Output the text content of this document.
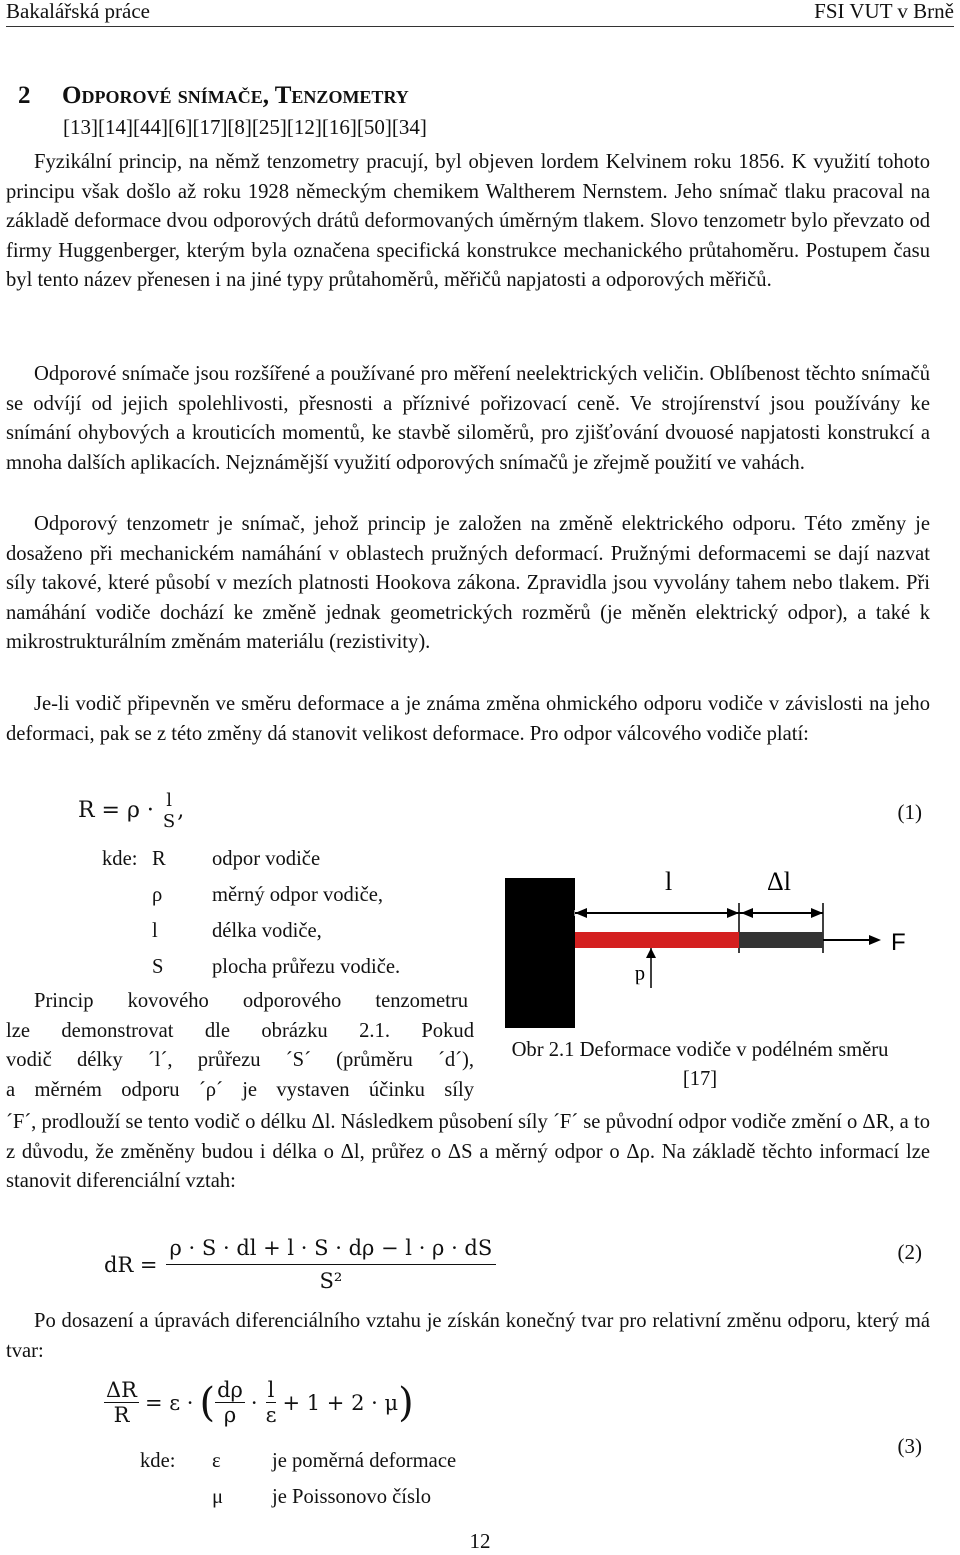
Bakalářská práce	FSI VUT v Brně
2 Odporové snímače, Tenzometry
[13][14][44][6][17][8][25][12][16][50][34]

Fyzikální princip, na němž tenzometry pracují, byl objeven lordem Kelvinem roku 1856. K využití tohoto principu však došlo až roku 1928 německým chemikem Waltherem Nernstem. Jeho snímač tlaku pracoval na základě deformace dvou odporových drátů deformovaných úměrným tlakem. Slovo tenzometr bylo převzato od firmy Huggenberger, kterým byla označena specifická konstrukce mechanického průtahoměru. Postupem času byl tento název přenesen i na jiné typy průtahoměrů, měřičů napjatosti a odporových měřičů.

Odporové snímače jsou rozšířené a používané pro měření neelektrických veličin. Oblíbenost těchto snímačů se odvíjí od jejich spolehlivosti, přesnosti a příznivé pořizovací ceně. Ve strojírenství jsou používány ke snímání ohybových a krouticích momentů, ke stavbě siloměrů, pro zjišťování dvouosé napjatosti konstrukcí a mnoha dalších aplikacích. Nejznámější využití odporových snímačů je zřejmě použití ve vahách.

Odporový tenzometr je snímač, jehož princip je založen na změně elektrického odporu. Této změny je dosaženo při mechanickém namáhání v oblastech pružných deformací. Pružnými deformacemi se dají nazvat síly takové, které působí v mezích platnosti Hookova zákona. Zpravidla jsou vyvolány tahem nebo tlakem. Při namáhání vodiče dochází ke změně jednak geometrických rozměrů (je měněn elektrický odpor), a také k mikrostrukturálním změnám materiálu (rezistivity).

Je-li vodič připevněn ve směru deformace a je známa změna ohmického odporu vodiče v závislosti na jeho deformaci, pak se z této změny dá stanovit velikost deformace. Pro odpor válcového vodiče platí:

R = ρ · l
S ,	(1)
kde: R odpor vodiče
ρ měrný odpor vodiče,
l	délka vodiče,
S plocha průřezu vodiče.
l	Δl
F
d
Obr 2.1 Deformace vodiče v podélném směru [17]
Princip kovového odporového tenzometru
lze demonstrovat dle obrázku 2.1. Pokud
vodič délky ´l´, průřezu ´S´ (průměru ´d´),
a měrném odporu ´ρ´ je vystaven účinku síly

´F´, prodlouží se tento vodič o délku Δl. Následkem působení síly ´F´ se původní odpor vodiče změní o ΔR, a to z důvodu, že změněny budou i délka o Δl, průřez o ΔS a měrný odpor o Δρ. Na základě těchto informací lze stanovit diferenciální vztah:

dR = $\frac{\rho \cdot S \cdot dl + l \cdot S \cdot d\rho - l \cdot \rho \cdot dS}{\text{S²}}$	(2)

Po dosazení a úpravách diferenciálního vztahu je získán konečný tvar pro relativní změnu odporu, který má tvar:

$\frac{\Delta R}{R} = \varepsilon$ · ( $\frac{d\rho}{\rho} \cdot \frac{l}{\varepsilon} + 1 + 2 \cdot \mu$ )
(3)
kde: ε je poměrná deformace
μ je Poissonovo číslo
12
